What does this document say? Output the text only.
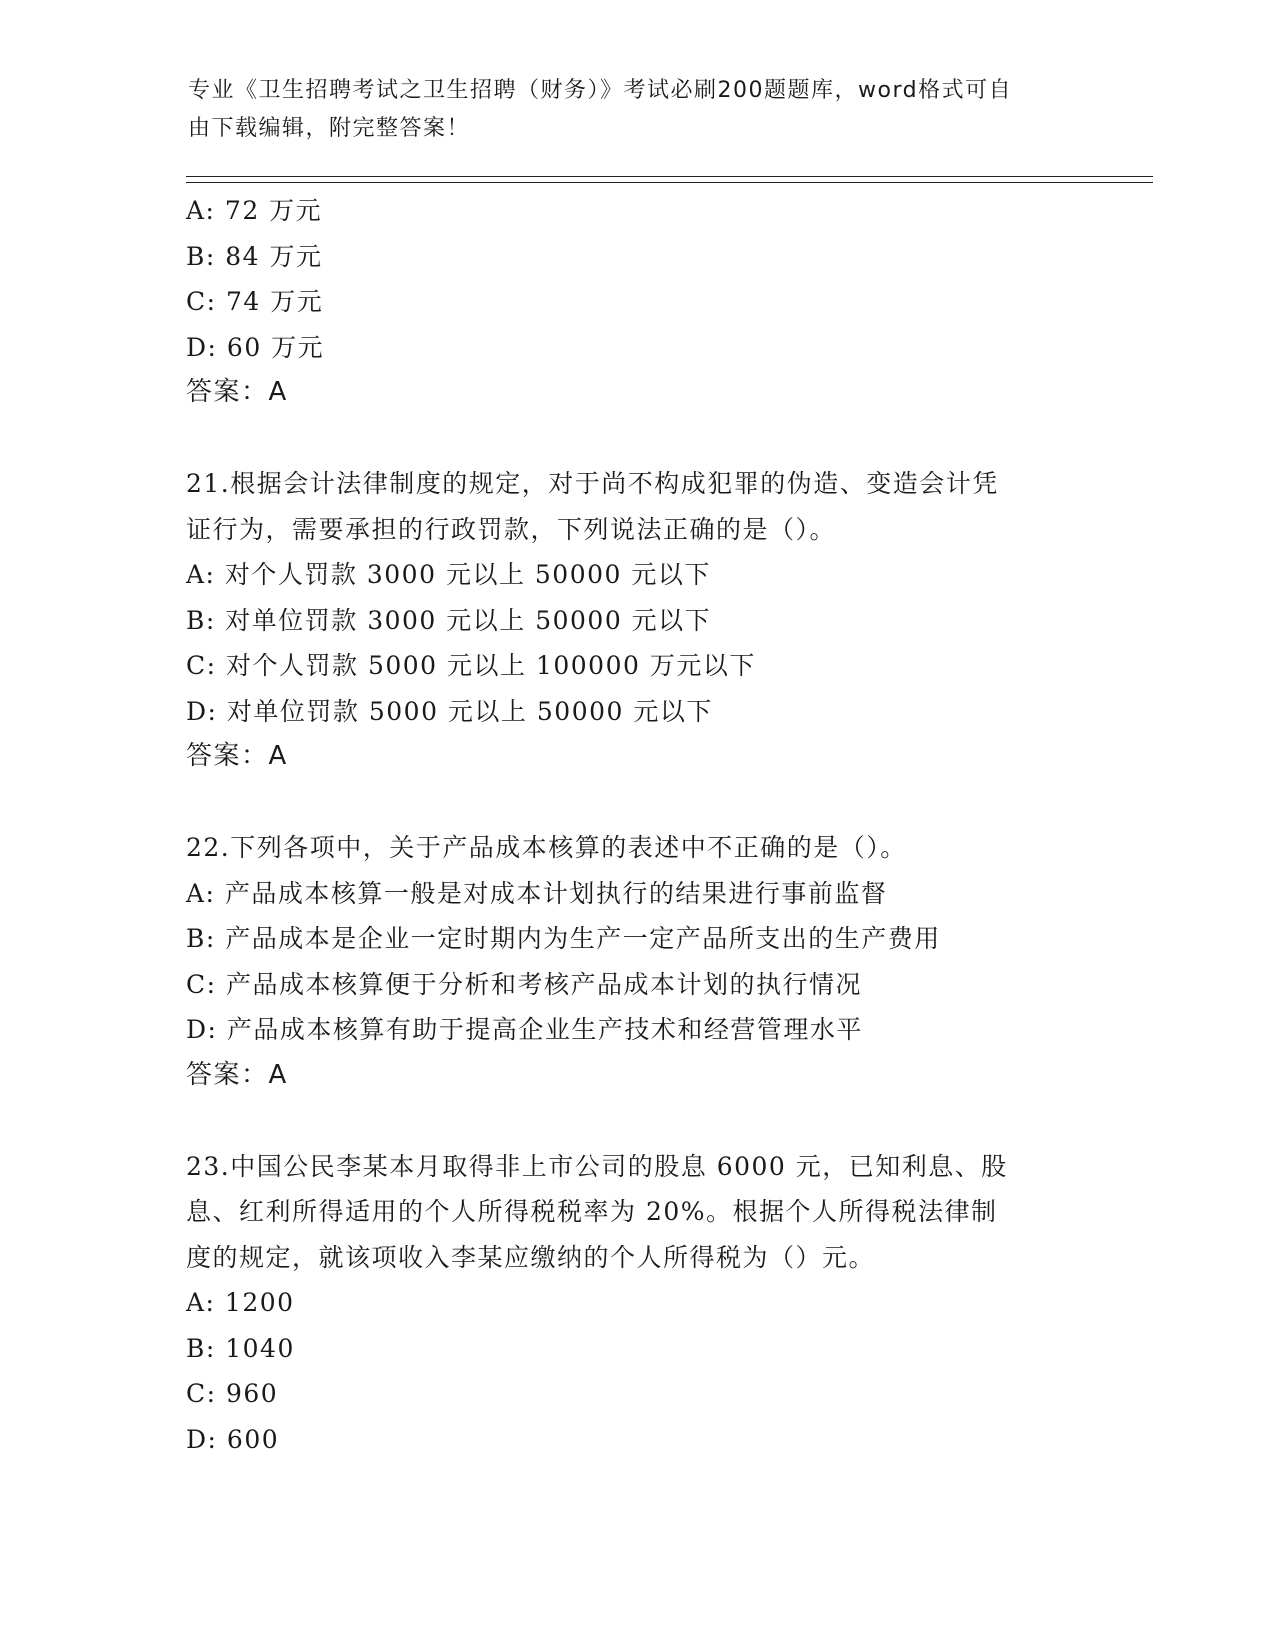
专业《卫生招聘考试之卫生招聘（财务）》考试必刷200题题库，word格式可自
由下载编辑，附完整答案！
A: 72 万元
B: 84 万元
C: 74 万元
D: 60 万元
答案：A
21.根据会计法律制度的规定，对于尚不构成犯罪的伪造、变造会计凭
证行为，需要承担的行政罚款，下列说法正确的是（）。
A: 对个人罚款 3000 元以上 50000 元以下
B: 对单位罚款 3000 元以上 50000 元以下
C: 对个人罚款 5000 元以上 100000 万元以下
D: 对单位罚款 5000 元以上 50000 元以下
答案：A
22.下列各项中，关于产品成本核算的表述中不正确的是（）。
A: 产品成本核算一般是对成本计划执行的结果进行事前监督
B: 产品成本是企业一定时期内为生产一定产品所支出的生产费用
C: 产品成本核算便于分析和考核产品成本计划的执行情况
D: 产品成本核算有助于提高企业生产技术和经营管理水平
答案：A
23.中国公民李某本月取得非上市公司的股息 6000 元，已知利息、股
息、红利所得适用的个人所得税税率为 20%。根据个人所得税法律制
度的规定，就该项收入李某应缴纳的个人所得税为（）元。
A: 1200
B: 1040
C: 960
D: 600
